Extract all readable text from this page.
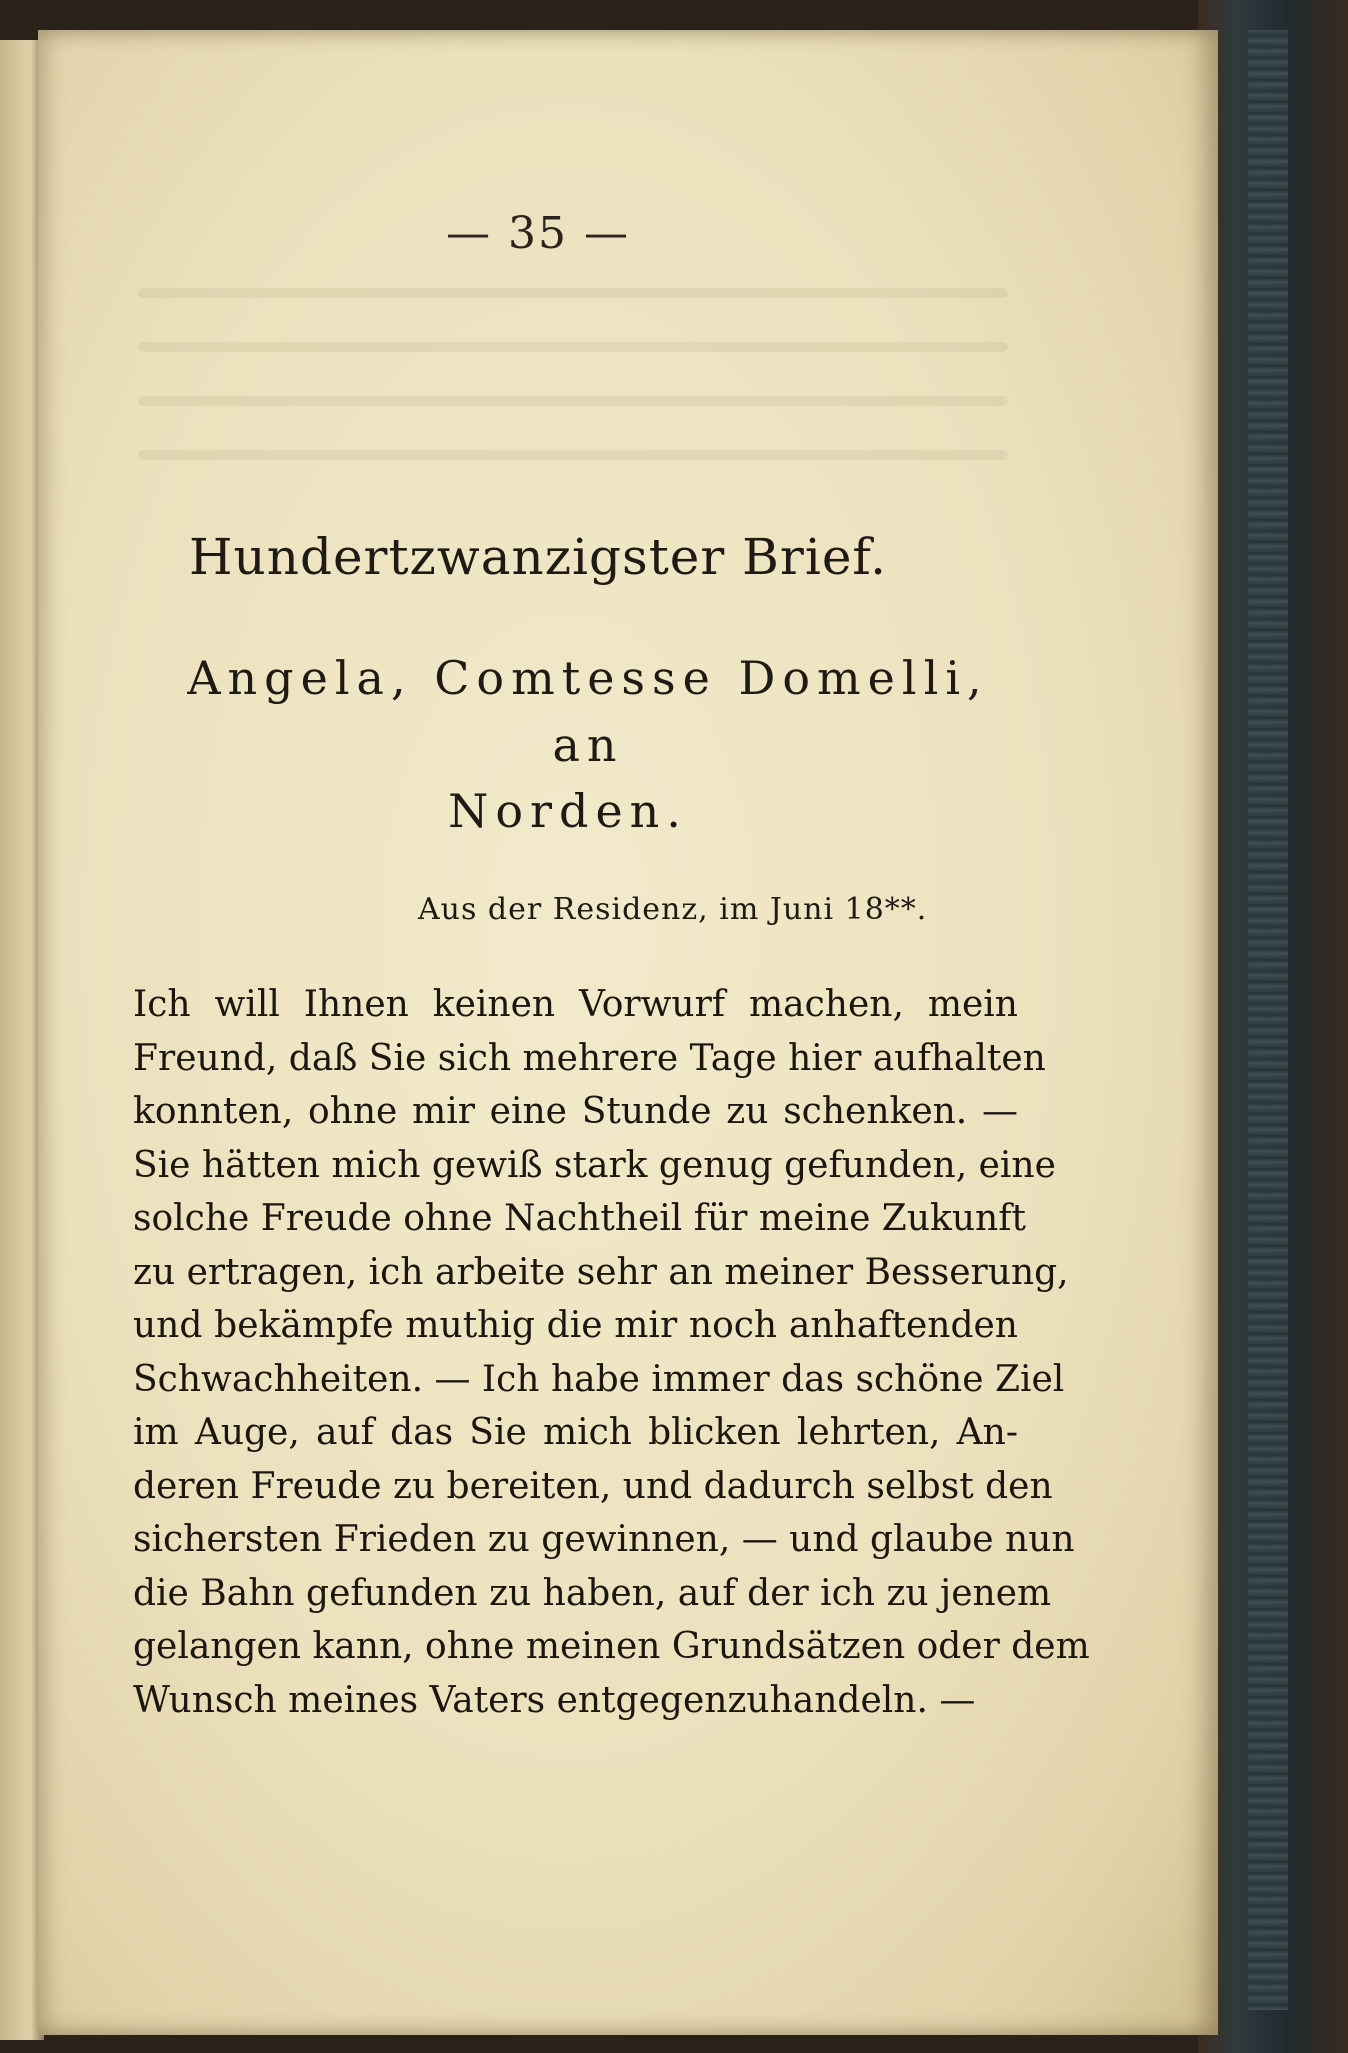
— 35 —
Hundertzwanzigster Brief.
Angela, Comtesse Domelli, an
Norden.
Aus der Residenz, im Juni 18**.
Ich will Ihnen keinen Vorwurf machen, mein
Freund, daß Sie sich mehrere Tage hier aufhalten
konnten, ohne mir eine Stunde zu schenken. —
Sie hätten mich gewiß stark genug gefunden, eine
solche Freude ohne Nachtheil für meine Zukunft
zu ertragen, ich arbeite sehr an meiner Besserung,
und bekämpfe muthig die mir noch anhaftenden
Schwachheiten. — Ich habe immer das schöne Ziel
im Auge, auf das Sie mich blicken lehrten, An-
deren Freude zu bereiten, und dadurch selbst den
sichersten Frieden zu gewinnen, — und glaube nun
die Bahn gefunden zu haben, auf der ich zu jenem
gelangen kann, ohne meinen Grundsätzen oder dem
Wunsch meines Vaters entgegenzuhandeln. —
